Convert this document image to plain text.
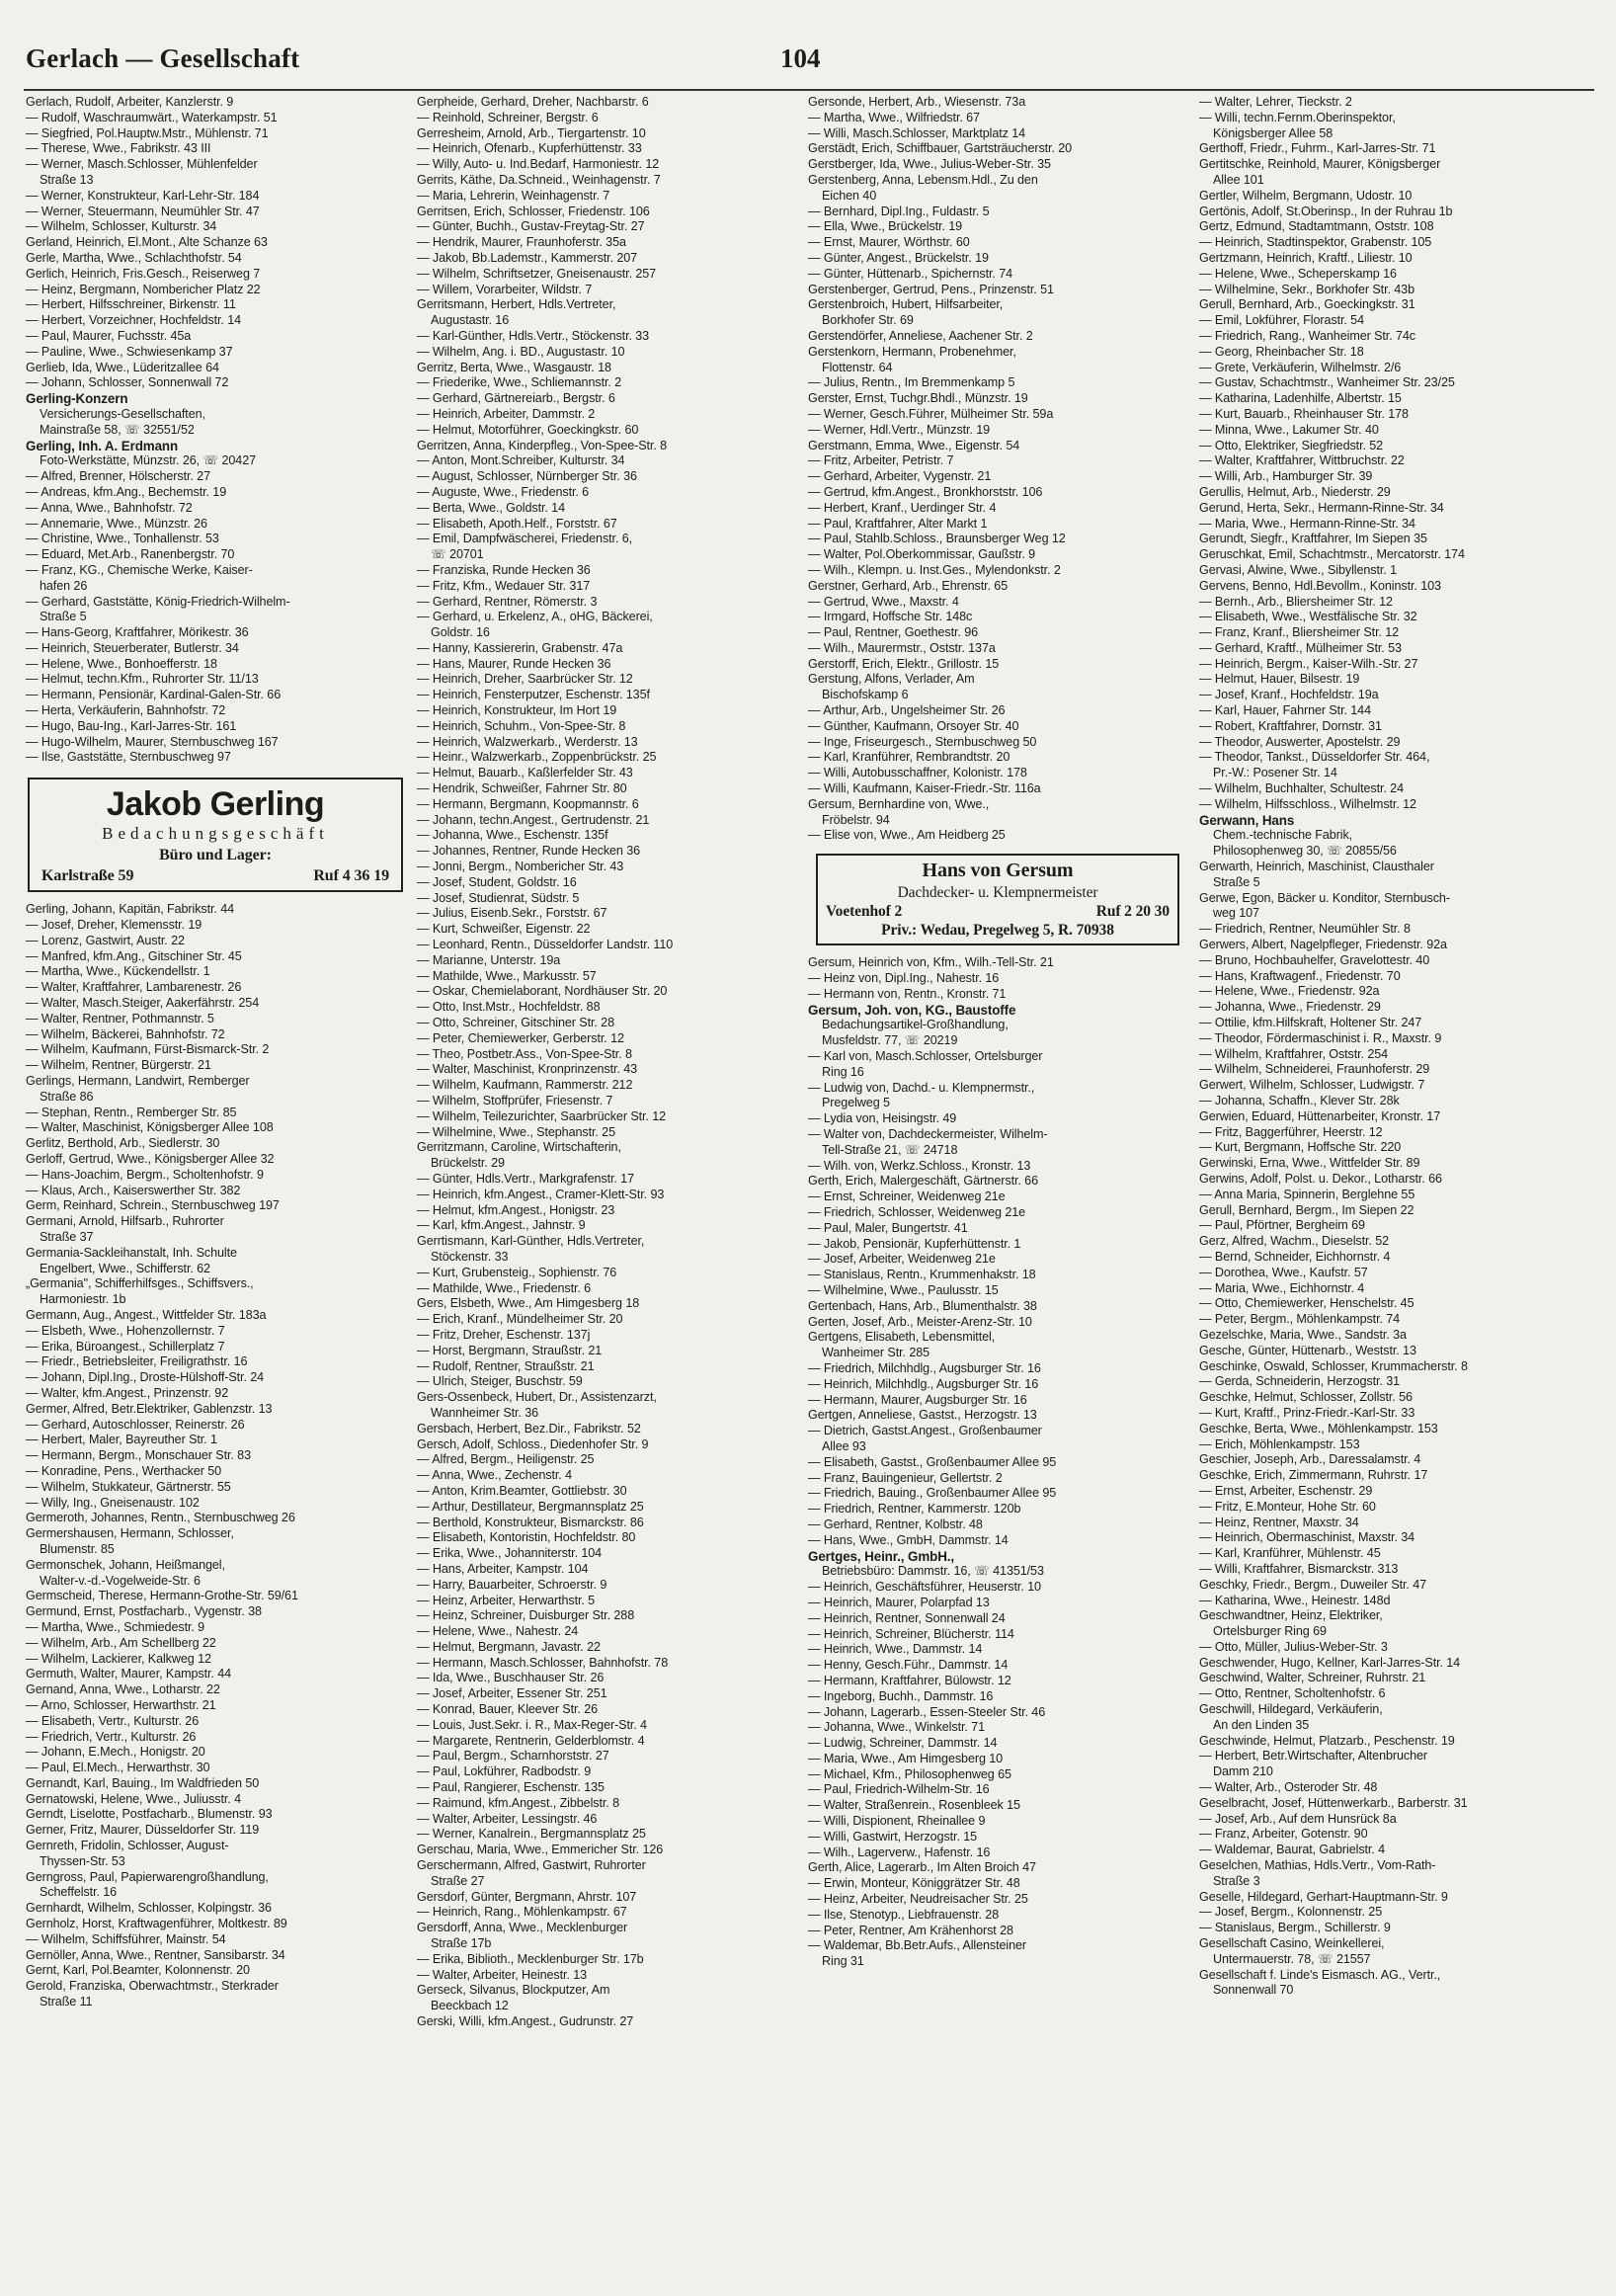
Gerlach — Gesellschaft	104
Gerlach, Rudolf, Arbeiter, Kanzlerstr. 9
— Rudolf, Waschraumwärt., Waterkampstr. 51
— Siegfried, Pol.Hauptw.Mstr., Mühlenstr. 71
— Therese, Wwe., Fabrikstr. 43 III
— Werner, Masch.Schlosser, Mühlenfelder
Straße 13
— Werner, Konstrukteur, Karl-Lehr-Str. 184
— Werner, Steuermann, Neumühler Str. 47
— Wilhelm, Schlosser, Kulturstr. 34
Gerland, Heinrich, El.Mont., Alte Schanze 63
Gerle, Martha, Wwe., Schlachthofstr. 54
Gerlich, Heinrich, Fris.Gesch., Reiserweg 7
— Heinz, Bergmann, Nombericher Platz 22
— Herbert, Hilfsschreiner, Birkenstr. 11
— Herbert, Vorzeichner, Hochfeldstr. 14
— Paul, Maurer, Fuchsstr. 45a
— Pauline, Wwe., Schwiesenkamp 37
Gerlieb, Ida, Wwe., Lüderitzallee 64
— Johann, Schlosser, Sonnenwall 72
Gerling-Konzern
Versicherungs-Gesellschaften,
Mainstraße 58, ☏ 32551/52
Gerling, Inh. A. Erdmann
Foto-Werkstätte, Münzstr. 26, ☏ 20427
— Alfred, Brenner, Hölscherstr. 27
— Andreas, kfm.Ang., Bechemstr. 19
— Anna, Wwe., Bahnhofstr. 72
— Annemarie, Wwe., Münzstr. 26
— Christine, Wwe., Tonhallenstr. 53
— Eduard, Met.Arb., Ranenbergstr. 70
— Franz, KG., Chemische Werke, Kaiser-
hafen 26
— Gerhard, Gaststätte, König-Friedrich-Wilhelm-
Straße 5
— Hans-Georg, Kraftfahrer, Mörikestr. 36
— Heinrich, Steuerberater, Butlerstr. 34
— Helene, Wwe., Bonhoefferstr. 18
— Helmut, techn.Kfm., Ruhrorter Str. 11/13
— Hermann, Pensionär, Kardinal-Galen-Str. 66
— Herta, Verkäuferin, Bahnhofstr. 72
— Hugo, Bau-Ing., Karl-Jarres-Str. 161
— Hugo-Wilhelm, Maurer, Sternbuschweg 167
— Ilse, Gaststätte, Sternbuschweg 97
Jakob Gerling
Bedachungsgeschäft
Büro und Lager:
Karlstraße 59	Ruf 4 36 19
Gerling, Johann, Kapitän, Fabrikstr. 44
— Josef, Dreher, Klemensstr. 19
— Lorenz, Gastwirt, Austr. 22
— Manfred, kfm.Ang., Gitschiner Str. 45
— Martha, Wwe., Kückendellstr. 1
— Walter, Kraftfahrer, Lambarenestr. 26
— Walter, Masch.Steiger, Aakerfährstr. 254
— Walter, Rentner, Pothmannstr. 5
— Wilhelm, Bäckerei, Bahnhofstr. 72
— Wilhelm, Kaufmann, Fürst-Bismarck-Str. 2
— Wilhelm, Rentner, Bürgerstr. 21
Gerlings, Hermann, Landwirt, Remberger
Straße 86
— Stephan, Rentn., Remberger Str. 85
— Walter, Maschinist, Königsberger Allee 108
Gerlitz, Berthold, Arb., Siedlerstr. 30
Gerloff, Gertrud, Wwe., Königsberger Allee 32
— Hans-Joachim, Bergm., Scholtenhofstr. 9
— Klaus, Arch., Kaiserswerther Str. 382
Germ, Reinhard, Schrein., Sternbuschweg 197
Germani, Arnold, Hilfsarb., Ruhrorter
Straße 37
Germania-Sackleihanstalt, Inh. Schulte
Engelbert, Wwe., Schifferstr. 62
„Germania", Schifferhilfsges., Schiffsvers.,
Harmoniestr. 1b
Germann, Aug., Angest., Wittfelder Str. 183a
— Elsbeth, Wwe., Hohenzollernstr. 7
— Erika, Büroangest., Schillerplatz 7
— Friedr., Betriebsleiter, Freiligrathstr. 16
— Johann, Dipl.Ing., Droste-Hülshoff-Str. 24
— Walter, kfm.Angest., Prinzenstr. 92
Germer, Alfred, Betr.Elektriker, Gablenzstr. 13
— Gerhard, Autoschlosser, Reinerstr. 26
— Herbert, Maler, Bayreuther Str. 1
— Hermann, Bergm., Monschauer Str. 83
— Konradine, Pens., Werthacker 50
— Wilhelm, Stukkateur, Gärtnerstr. 55
— Willy, Ing., Gneisenaustr. 102
Germeroth, Johannes, Rentn., Sternbuschweg 26
Germershausen, Hermann, Schlosser,
Blumenstr. 85
Germonschek, Johann, Heißmangel,
Walter-v.-d.-Vogelweide-Str. 6
Germscheid, Therese, Hermann-Grothe-Str. 59/61
Germund, Ernst, Postfacharb., Vygenstr. 38
— Martha, Wwe., Schmiedestr. 9
— Wilhelm, Arb., Am Schellberg 22
— Wilhelm, Lackierer, Kalkweg 12
Germuth, Walter, Maurer, Kampstr. 44
Gernand, Anna, Wwe., Lotharstr. 22
— Arno, Schlosser, Herwarthstr. 21
— Elisabeth, Vertr., Kulturstr. 26
— Friedrich, Vertr., Kulturstr. 26
— Johann, E.Mech., Honigstr. 20
— Paul, El.Mech., Herwarthstr. 30
Gernandt, Karl, Bauing., Im Waldfrieden 50
Gernatowski, Helene, Wwe., Juliusstr. 4
Gerndt, Liselotte, Postfacharb., Blumenstr. 93
Gerner, Fritz, Maurer, Düsseldorfer Str. 119
Gernreth, Fridolin, Schlosser, August-
Thyssen-Str. 53
Gerngross, Paul, Papierwarengroßhandlung,
Scheffelstr. 16
Gernhardt, Wilhelm, Schlosser, Kolpingstr. 36
Gernholz, Horst, Kraftwagenführer, Moltkestr. 89
— Wilhelm, Schiffsführer, Mainstr. 54
Gernöller, Anna, Wwe., Rentner, Sansibarstr. 34
Gernt, Karl, Pol.Beamter, Kolonnenstr. 20
Gerold, Franziska, Oberwachtmstr., Sterkrader
Straße 11
Gerpheide, Gerhard, Dreher, Nachbarstr. 6
— Reinhold, Schreiner, Bergstr. 6
Gerresheim, Arnold, Arb., Tiergartenstr. 10
— Heinrich, Ofenarb., Kupferhüttenstr. 33
— Willy, Auto- u. Ind.Bedarf, Harmoniestr. 12
Gerrits, Käthe, Da.Schneid., Weinhagenstr. 7
— Maria, Lehrerin, Weinhagenstr. 7
Gerritsen, Erich, Schlosser, Friedenstr. 106
— Günter, Buchh., Gustav-Freytag-Str. 27
— Hendrik, Maurer, Fraunhoferstr. 35a
— Jakob, Bb.Lademstr., Kammerstr. 207
— Wilhelm, Schriftsetzer, Gneisenaustr. 257
— Willem, Vorarbeiter, Wildstr. 7
Gerritsmann, Herbert, Hdls.Vertreter,
Augustastr. 16
— Karl-Günther, Hdls.Vertr., Stöckenstr. 33
— Wilhelm, Ang. i. BD., Augustastr. 10
Gerritz, Berta, Wwe., Wasgaustr. 18
— Friederike, Wwe., Schliemannstr. 2
— Gerhard, Gärtnereiarb., Bergstr. 6
— Heinrich, Arbeiter, Dammstr. 2
— Helmut, Motorführer, Goeckingkstr. 60
Gerritzen, Anna, Kinderpfleg., Von-Spee-Str. 8
— Anton, Mont.Schreiber, Kulturstr. 34
— August, Schlosser, Nürnberger Str. 36
— Auguste, Wwe., Friedenstr. 6
— Berta, Wwe., Goldstr. 14
— Elisabeth, Apoth.Helf., Forststr. 67
— Emil, Dampfwäscherei, Friedenstr. 6,
☏ 20701
— Franziska, Runde Hecken 36
— Fritz, Kfm., Wedauer Str. 317
— Gerhard, Rentner, Römerstr. 3
— Gerhard, u. Erkelenz, A., oHG, Bäckerei,
Goldstr. 16
— Hanny, Kassiererin, Grabenstr. 47a
— Hans, Maurer, Runde Hecken 36
— Heinrich, Dreher, Saarbrücker Str. 12
— Heinrich, Fensterputzer, Eschenstr. 135f
— Heinrich, Konstrukteur, Im Hort 19
— Heinrich, Schuhm., Von-Spee-Str. 8
— Heinrich, Walzwerkarb., Werderstr. 13
— Heinr., Walzwerkarb., Zoppenbrückstr. 25
— Helmut, Bauarb., Kaßlerfelder Str. 43
— Hendrik, Schweißer, Fahrner Str. 80
— Hermann, Bergmann, Koopmannstr. 6
— Johann, techn.Angest., Gertrudenstr. 21
— Johanna, Wwe., Eschenstr. 135f
— Johannes, Rentner, Runde Hecken 36
— Jonni, Bergm., Nombericher Str. 43
— Josef, Student, Goldstr. 16
— Josef, Studienrat, Südstr. 5
— Julius, Eisenb.Sekr., Forststr. 67
— Kurt, Schweißer, Eigenstr. 22
— Leonhard, Rentn., Düsseldorfer Landstr. 110
— Marianne, Unterstr. 19a
— Mathilde, Wwe., Markusstr. 57
— Oskar, Chemielaborant, Nordhäuser Str. 20
— Otto, Inst.Mstr., Hochfeldstr. 88
— Otto, Schreiner, Gitschiner Str. 28
— Peter, Chemiewerker, Gerberstr. 12
— Theo, Postbetr.Ass., Von-Spee-Str. 8
— Walter, Maschinist, Kronprinzenstr. 43
— Wilhelm, Kaufmann, Rammerstr. 212
— Wilhelm, Stoffprüfer, Friesenstr. 7
— Wilhelm, Teilezurichter, Saarbrücker Str. 12
— Wilhelmine, Wwe., Stephanstr. 25
Gerritzmann, Caroline, Wirtschafterin,
Brückelstr. 29
— Günter, Hdls.Vertr., Markgrafenstr. 17
— Heinrich, kfm.Angest., Cramer-Klett-Str. 93
— Helmut, kfm.Angest., Honigstr. 23
— Karl, kfm.Angest., Jahnstr. 9
Gerrtismann, Karl-Günther, Hdls.Vertreter,
Stöckenstr. 33
— Kurt, Grubensteig., Sophienstr. 76
— Mathilde, Wwe., Friedenstr. 6
Gers, Elsbeth, Wwe., Am Himgesberg 18
— Erich, Kranf., Mündelheimer Str. 20
— Fritz, Dreher, Eschenstr. 137j
— Horst, Bergmann, Straußstr. 21
— Rudolf, Rentner, Straußstr. 21
— Ulrich, Steiger, Buschstr. 59
Gers-Ossenbeck, Hubert, Dr., Assistenzarzt,
Wannheimer Str. 36
Gersbach, Herbert, Bez.Dir., Fabrikstr. 52
Gersch, Adolf, Schloss., Diedenhofer Str. 9
— Alfred, Bergm., Heiligenstr. 25
— Anna, Wwe., Zechenstr. 4
— Anton, Krim.Beamter, Gottliebstr. 30
— Arthur, Destillateur, Bergmannsplatz 25
— Berthold, Konstrukteur, Bismarckstr. 86
— Elisabeth, Kontoristin, Hochfeldstr. 80
— Erika, Wwe., Johanniterstr. 104
— Hans, Arbeiter, Kampstr. 104
— Harry, Bauarbeiter, Schroerstr. 9
— Heinz, Arbeiter, Herwarthstr. 5
— Heinz, Schreiner, Duisburger Str. 288
— Helene, Wwe., Nahestr. 24
— Helmut, Bergmann, Javastr. 22
— Hermann, Masch.Schlosser, Bahnhofstr. 78
— Ida, Wwe., Buschhauser Str. 26
— Josef, Arbeiter, Essener Str. 251
— Konrad, Bauer, Kleever Str. 26
— Louis, Just.Sekr. i. R., Max-Reger-Str. 4
— Margarete, Rentnerin, Gelderblomstr. 4
— Paul, Bergm., Scharnhorststr. 27
— Paul, Lokführer, Radbodstr. 9
— Paul, Rangierer, Eschenstr. 135
— Raimund, kfm.Angest., Zibbelstr. 8
— Walter, Arbeiter, Lessingstr. 46
— Werner, Kanalrein., Bergmannsplatz 25
Gerschau, Maria, Wwe., Emmericher Str. 126
Gerschermann, Alfred, Gastwirt, Ruhrorter
Straße 27
Gersdorf, Günter, Bergmann, Ahrstr. 107
— Heinrich, Rang., Möhlenkampstr. 67
Gersdorff, Anna, Wwe., Mecklenburger
Straße 17b
— Erika, Biblioth., Mecklenburger Str. 17b
— Walter, Arbeiter, Heinestr. 13
Gerseck, Silvanus, Blockputzer, Am
Beeckbach 12
Gerski, Willi, kfm.Angest., Gudrunstr. 27
Gersonde, Herbert, Arb., Wiesenstr. 73a
— Martha, Wwe., Wilfriedstr. 67
— Willi, Masch.Schlosser, Marktplatz 14
Gerstädt, Erich, Schiffbauer, Gartsträucherstr. 20
Gerstberger, Ida, Wwe., Julius-Weber-Str. 35
Gerstenberg, Anna, Lebensm.Hdl., Zu den
Eichen 40
— Bernhard, Dipl.Ing., Fuldastr. 5
— Ella, Wwe., Brückelstr. 19
— Ernst, Maurer, Wörthstr. 60
— Günter, Angest., Brückelstr. 19
— Günter, Hüttenarb., Spichernstr. 74
Gerstenberger, Gertrud, Pens., Prinzenstr. 51
Gerstenbroich, Hubert, Hilfsarbeiter,
Borkhofer Str. 69
Gerstendörfer, Anneliese, Aachener Str. 2
Gerstenkorn, Hermann, Probenehmer,
Flottenstr. 64
— Julius, Rentn., Im Bremmenkamp 5
Gerster, Ernst, Tuchgr.Bhdl., Münzstr. 19
— Werner, Gesch.Führer, Mülheimer Str. 59a
— Werner, Hdl.Vertr., Münzstr. 19
Gerstmann, Emma, Wwe., Eigenstr. 54
— Fritz, Arbeiter, Petristr. 7
— Gerhard, Arbeiter, Vygenstr. 21
— Gertrud, kfm.Angest., Bronkhorststr. 106
— Herbert, Kranf., Uerdinger Str. 4
— Paul, Kraftfahrer, Alter Markt 1
— Paul, Stahlb.Schloss., Braunsberger Weg 12
— Walter, Pol.Oberkommissar, Gaußstr. 9
— Wilh., Klempn. u. Inst.Ges., Mylendonkstr. 2
Gerstner, Gerhard, Arb., Ehrenstr. 65
— Gertrud, Wwe., Maxstr. 4
— Irmgard, Hoffsche Str. 148c
— Paul, Rentner, Goethestr. 96
— Wilh., Maurermstr., Oststr. 137a
Gerstorff, Erich, Elektr., Grillostr. 15
Gerstung, Alfons, Verlader, Am
Bischofskamp 6
— Arthur, Arb., Ungelsheimer Str. 26
— Günther, Kaufmann, Orsoyer Str. 40
— Inge, Friseurgesch., Sternbuschweg 50
— Karl, Kranführer, Rembrandtstr. 20
— Willi, Autobusschaffner, Kolonistr. 178
— Willi, Kaufmann, Kaiser-Friedr.-Str. 116a
Gersum, Bernhardine von, Wwe.,
Fröbelstr. 94
— Elise von, Wwe., Am Heidberg 25
Hans von Gersum
Dachdecker- u. Klempnermeister
Voetenhof 2	Ruf 2 20 30
Priv.: Wedau, Pregelweg 5, R. 70938
Gersum, Heinrich von, Kfm., Wilh.-Tell-Str. 21
— Heinz von, Dipl.Ing., Nahestr. 16
— Hermann von, Rentn., Kronstr. 71
Gersum, Joh. von, KG., Baustoffe
Bedachungsartikel-Großhandlung,
Musfeldstr. 77, ☏ 20219
— Karl von, Masch.Schlosser, Ortelsburger
Ring 16
— Ludwig von, Dachd.- u. Klempnermstr.,
Pregelweg 5
— Lydia von, Heisingstr. 49
— Walter von, Dachdeckermeister, Wilhelm-
Tell-Straße 21, ☏ 24718
— Wilh. von, Werkz.Schloss., Kronstr. 13
Gerth, Erich, Malergeschäft, Gärtnerstr. 66
— Ernst, Schreiner, Weidenweg 21e
— Friedrich, Schlosser, Weidenweg 21e
— Paul, Maler, Bungertstr. 41
— Jakob, Pensionär, Kupferhüttenstr. 1
— Josef, Arbeiter, Weidenweg 21e
— Stanislaus, Rentn., Krummenhakstr. 18
— Wilhelmine, Wwe., Paulusstr. 15
Gertenbach, Hans, Arb., Blumenthalstr. 38
Gerten, Josef, Arb., Meister-Arenz-Str. 10
Gertgens, Elisabeth, Lebensmittel,
Wanheimer Str. 285
— Friedrich, Milchhdlg., Augsburger Str. 16
— Heinrich, Milchhdlg., Augsburger Str. 16
— Hermann, Maurer, Augsburger Str. 16
Gertgen, Anneliese, Gastst., Herzogstr. 13
— Dietrich, Gastst.Angest., Großenbaumer
Allee 93
— Elisabeth, Gastst., Großenbaumer Allee 95
— Franz, Bauingenieur, Gellertstr. 2
— Friedrich, Bauing., Großenbaumer Allee 95
— Friedrich, Rentner, Kammerstr. 120b
— Gerhard, Rentner, Kolbstr. 48
— Hans, Wwe., GmbH, Dammstr. 14
Gertges, Heinr., GmbH.,
Betriebsbüro: Dammstr. 16, ☏ 41351/53
— Heinrich, Geschäftsführer, Heuserstr. 10
— Heinrich, Maurer, Polarpfad 13
— Heinrich, Rentner, Sonnenwall 24
— Heinrich, Schreiner, Blücherstr. 114
— Heinrich, Wwe., Dammstr. 14
— Henny, Gesch.Führ., Dammstr. 14
— Hermann, Kraftfahrer, Bülowstr. 12
— Ingeborg, Buchh., Dammstr. 16
— Johann, Lagerarb., Essen-Steeler Str. 46
— Johanna, Wwe., Winkelstr. 71
— Ludwig, Schreiner, Dammstr. 14
— Maria, Wwe., Am Himgesberg 10
— Michael, Kfm., Philosophenweg 65
— Paul, Friedrich-Wilhelm-Str. 16
— Walter, Straßenrein., Rosenbleek 15
— Willi, Dispionent, Rheinallee 9
— Willi, Gastwirt, Herzogstr. 15
— Wilh., Lagerverw., Hafenstr. 16
Gerth, Alice, Lagerarb., Im Alten Broich 47
— Erwin, Monteur, Königgrätzer Str. 48
— Heinz, Arbeiter, Neudreisacher Str. 25
— Ilse, Stenotyp., Liebfrauenstr. 28
— Peter, Rentner, Am Krähenhorst 28
— Waldemar, Bb.Betr.Aufs., Allensteiner
Ring 31
— Walter, Lehrer, Tieckstr. 2
— Willi, techn.Fernm.Oberinspektor,
Königsberger Allee 58
Gerthoff, Friedr., Fuhrm., Karl-Jarres-Str. 71
Gertitschke, Reinhold, Maurer, Königsberger
Allee 101
Gertler, Wilhelm, Bergmann, Udostr. 10
Gertönis, Adolf, St.Oberinsp., In der Ruhrau 1b
Gertz, Edmund, Stadtamtmann, Oststr. 108
— Heinrich, Stadtinspektor, Grabenstr. 105
Gertzmann, Heinrich, Kraftf., Liliestr. 10
— Helene, Wwe., Scheperskamp 16
— Wilhelmine, Sekr., Borkhofer Str. 43b
Gerull, Bernhard, Arb., Goeckingkstr. 31
— Emil, Lokführer, Florastr. 54
— Friedrich, Rang., Wanheimer Str. 74c
— Georg, Rheinbacher Str. 18
— Grete, Verkäuferin, Wilhelmstr. 2/6
— Gustav, Schachtmstr., Wanheimer Str. 23/25
— Katharina, Ladenhilfe, Albertstr. 15
— Kurt, Bauarb., Rheinhauser Str. 178
— Minna, Wwe., Lakumer Str. 40
— Otto, Elektriker, Siegfriedstr. 52
— Walter, Kraftfahrer, Wittbruchstr. 22
— Willi, Arb., Hamburger Str. 39
Gerullis, Helmut, Arb., Niederstr. 29
Gerund, Herta, Sekr., Hermann-Rinne-Str. 34
— Maria, Wwe., Hermann-Rinne-Str. 34
Gerundt, Siegfr., Kraftfahrer, Im Siepen 35
Geruschkat, Emil, Schachtmstr., Mercatorstr. 174
Gervasi, Alwine, Wwe., Sibyllenstr. 1
Gervens, Benno, Hdl.Bevollm., Koninstr. 103
— Bernh., Arb., Bliersheimer Str. 12
— Elisabeth, Wwe., Westfälische Str. 32
— Franz, Kranf., Bliersheimer Str. 12
— Gerhard, Kraftf., Mülheimer Str. 53
— Heinrich, Bergm., Kaiser-Wilh.-Str. 27
— Helmut, Hauer, Bilsestr. 19
— Josef, Kranf., Hochfeldstr. 19a
— Karl, Hauer, Fahrner Str. 144
— Robert, Kraftfahrer, Dornstr. 31
— Theodor, Auswerter, Apostelstr. 29
— Theodor, Tankst., Düsseldorfer Str. 464,
Pr.-W.: Posener Str. 14
— Wilhelm, Buchhalter, Schultestr. 24
— Wilhelm, Hilfsschloss., Wilhelmstr. 12
Gerwann, Hans
Chem.-technische Fabrik,
Philosophenweg 30, ☏ 20855/56
Gerwarth, Heinrich, Maschinist, Clausthaler
Straße 5
Gerwe, Egon, Bäcker u. Konditor, Sternbusch-
weg 107
— Friedrich, Rentner, Neumühler Str. 8
Gerwers, Albert, Nagelpfleger, Friedenstr. 92a
— Bruno, Hochbauhelfer, Gravelottestr. 40
— Hans, Kraftwagenf., Friedenstr. 70
— Helene, Wwe., Friedenstr. 92a
— Johanna, Wwe., Friedenstr. 29
— Ottilie, kfm.Hilfskraft, Holtener Str. 247
— Theodor, Fördermaschinist i. R., Maxstr. 9
— Wilhelm, Kraftfahrer, Oststr. 254
— Wilhelm, Schneiderei, Fraunhoferstr. 29
Gerwert, Wilhelm, Schlosser, Ludwigstr. 7
— Johanna, Schaffn., Klever Str. 28k
Gerwien, Eduard, Hüttenarbeiter, Kronstr. 17
— Fritz, Baggerführer, Heerstr. 12
— Kurt, Bergmann, Hoffsche Str. 220
Gerwinski, Erna, Wwe., Wittfelder Str. 89
Gerwins, Adolf, Polst. u. Dekor., Lotharstr. 66
— Anna Maria, Spinnerin, Berglehne 55
Gerull, Bernhard, Bergm., Im Siepen 22
— Paul, Pförtner, Bergheim 69
Gerz, Alfred, Wachm., Dieselstr. 52
— Bernd, Schneider, Eichhornstr. 4
— Dorothea, Wwe., Kaufstr. 57
— Maria, Wwe., Eichhornstr. 4
— Otto, Chemiewerker, Henschelstr. 45
— Peter, Bergm., Möhlenkampstr. 74
Gezelschke, Maria, Wwe., Sandstr. 3a
Gesche, Günter, Hüttenarb., Weststr. 13
Geschinke, Oswald, Schlosser, Krummacherstr. 8
— Gerda, Schneiderin, Herzogstr. 31
Geschke, Helmut, Schlosser, Zollstr. 56
— Kurt, Kraftf., Prinz-Friedr.-Karl-Str. 33
Geschke, Berta, Wwe., Möhlenkampstr. 153
— Erich, Möhlenkampstr. 153
Geschier, Joseph, Arb., Daressalamstr. 4
Geschke, Erich, Zimmermann, Ruhrstr. 17
— Ernst, Arbeiter, Eschenstr. 29
— Fritz, E.Monteur, Hohe Str. 60
— Heinz, Rentner, Maxstr. 34
— Heinrich, Obermaschinist, Maxstr. 34
— Karl, Kranführer, Mühlenstr. 45
— Willi, Kraftfahrer, Bismarckstr. 313
Geschky, Friedr., Bergm., Duweiler Str. 47
— Katharina, Wwe., Heinestr. 148d
Geschwandtner, Heinz, Elektriker,
Ortelsburger Ring 69
— Otto, Müller, Julius-Weber-Str. 3
Geschwender, Hugo, Kellner, Karl-Jarres-Str. 14
Geschwind, Walter, Schreiner, Ruhrstr. 21
— Otto, Rentner, Scholtenhofstr. 6
Geschwill, Hildegard, Verkäuferin,
An den Linden 35
Geschwinde, Helmut, Platzarb., Peschenstr. 19
— Herbert, Betr.Wirtschafter, Altenbrucher
Damm 210
— Walter, Arb., Osteroder Str. 48
Geselbracht, Josef, Hüttenwerkarb., Barberstr. 31
— Josef, Arb., Auf dem Hunsrück 8a
— Franz, Arbeiter, Gotenstr. 90
— Waldemar, Baurat, Gabrielstr. 4
Geselchen, Mathias, Hdls.Vertr., Vom-Rath-
Straße 3
Geselle, Hildegard, Gerhart-Hauptmann-Str. 9
— Josef, Bergm., Kolonnenstr. 25
— Stanislaus, Bergm., Schillerstr. 9
Gesellschaft Casino, Weinkellerei,
Untermauerstr. 78, ☏ 21557
Gesellschaft f. Linde's Eismasch. AG., Vertr.,
Sonnenwall 70
